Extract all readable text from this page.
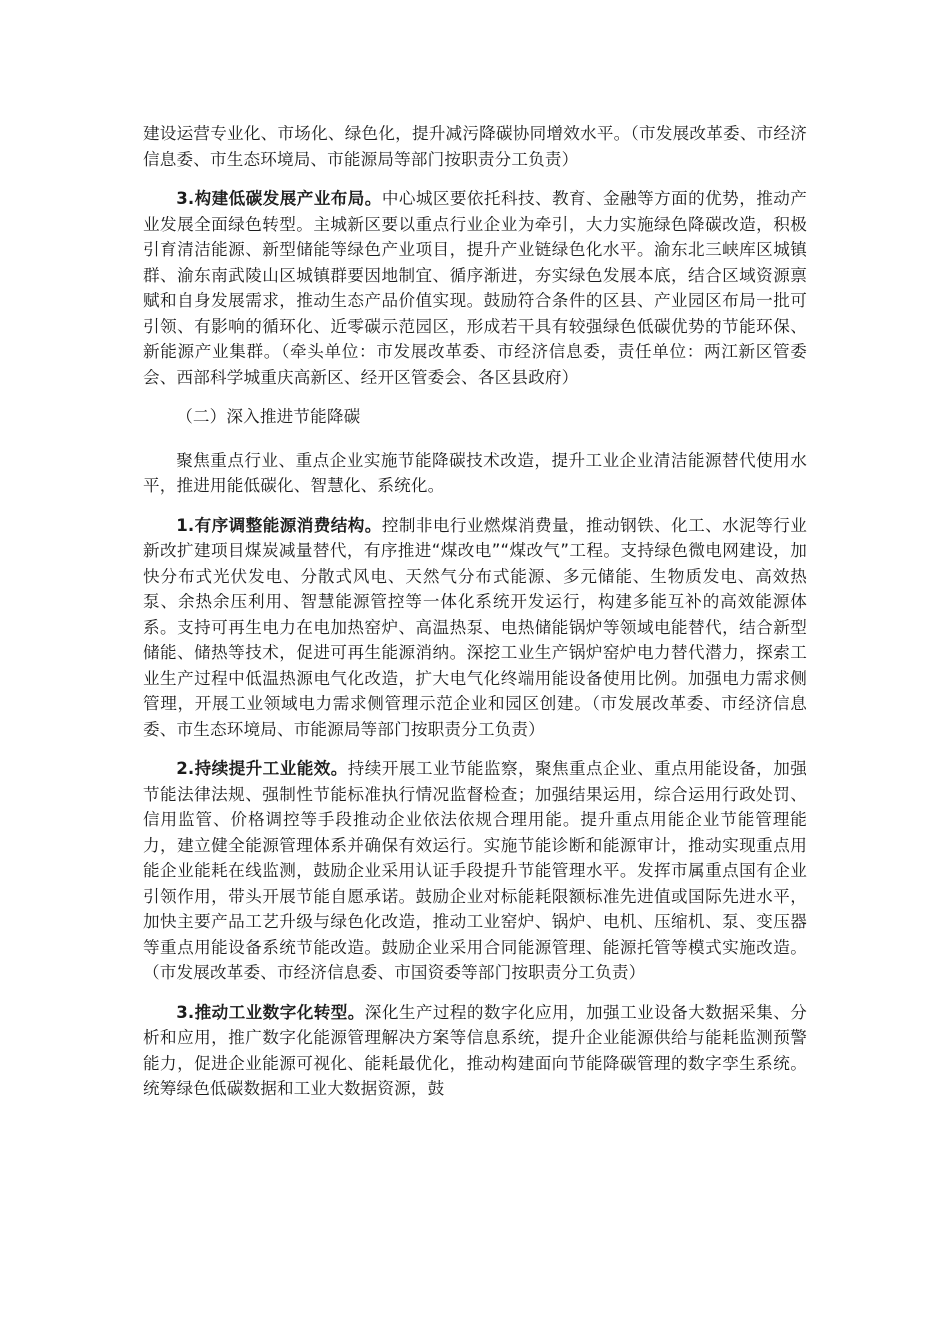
建设运营专业化、市场化、绿色化，提升减污降碳协同增效水平。（市发展改革委、市经济信息委、市生态环境局、市能源局等部门按职责分工负责）

3.构建低碳发展产业布局。中心城区要依托科技、教育、金融等方面的优势，推动产业发展全面绿色转型。主城新区要以重点行业企业为牵引，大力实施绿色降碳改造，积极引育清洁能源、新型储能等绿色产业项目，提升产业链绿色化水平。渝东北三峡库区城镇群、渝东南武陵山区城镇群要因地制宜、循序渐进，夯实绿色发展本底，结合区域资源禀赋和自身发展需求，推动生态产品价值实现。鼓励符合条件的区县、产业园区布局一批可引领、有影响的循环化、近零碳示范园区，形成若干具有较强绿色低碳优势的节能环保、新能源产业集群。（牵头单位：市发展改革委、市经济信息委，责任单位：两江新区管委会、西部科学城重庆高新区、经开区管委会、各区县政府）

（二）深入推进节能降碳

聚焦重点行业、重点企业实施节能降碳技术改造，提升工业企业清洁能源替代使用水平，推进用能低碳化、智慧化、系统化。

1.有序调整能源消费结构。控制非电行业燃煤消费量，推动钢铁、化工、水泥等行业新改扩建项目煤炭减量替代，有序推进“煤改电”“煤改气”工程。支持绿色微电网建设，加快分布式光伏发电、分散式风电、天然气分布式能源、多元储能、生物质发电、高效热泵、余热余压利用、智慧能源管控等一体化系统开发运行，构建多能互补的高效能源体系。支持可再生电力在电加热窑炉、高温热泵、电热储能锅炉等领域电能替代，结合新型储能、储热等技术，促进可再生能源消纳。深挖工业生产锅炉窑炉电力替代潜力，探索工业生产过程中低温热源电气化改造，扩大电气化终端用能设备使用比例。加强电力需求侧管理，开展工业领域电力需求侧管理示范企业和园区创建。（市发展改革委、市经济信息委、市生态环境局、市能源局等部门按职责分工负责）

2.持续提升工业能效。持续开展工业节能监察，聚焦重点企业、重点用能设备，加强节能法律法规、强制性节能标准执行情况监督检查；加强结果运用，综合运用行政处罚、信用监管、价格调控等手段推动企业依法依规合理用能。提升重点用能企业节能管理能力，建立健全能源管理体系并确保有效运行。实施节能诊断和能源审计，推动实现重点用能企业能耗在线监测，鼓励企业采用认证手段提升节能管理水平。发挥市属重点国有企业引领作用，带头开展节能自愿承诺。鼓励企业对标能耗限额标准先进值或国际先进水平，加快主要产品工艺升级与绿色化改造，推动工业窑炉、锅炉、电机、压缩机、泵、变压器等重点用能设备系统节能改造。鼓励企业采用合同能源管理、能源托管等模式实施改造。（市发展改革委、市经济信息委、市国资委等部门按职责分工负责）

3.推动工业数字化转型。深化生产过程的数字化应用，加强工业设备大数据采集、分析和应用，推广数字化能源管理解决方案等信息系统，提升企业能源供给与能耗监测预警能力，促进企业能源可视化、能耗最优化，推动构建面向节能降碳管理的数字孪生系统。统筹绿色低碳数据和工业大数据资源，鼓
